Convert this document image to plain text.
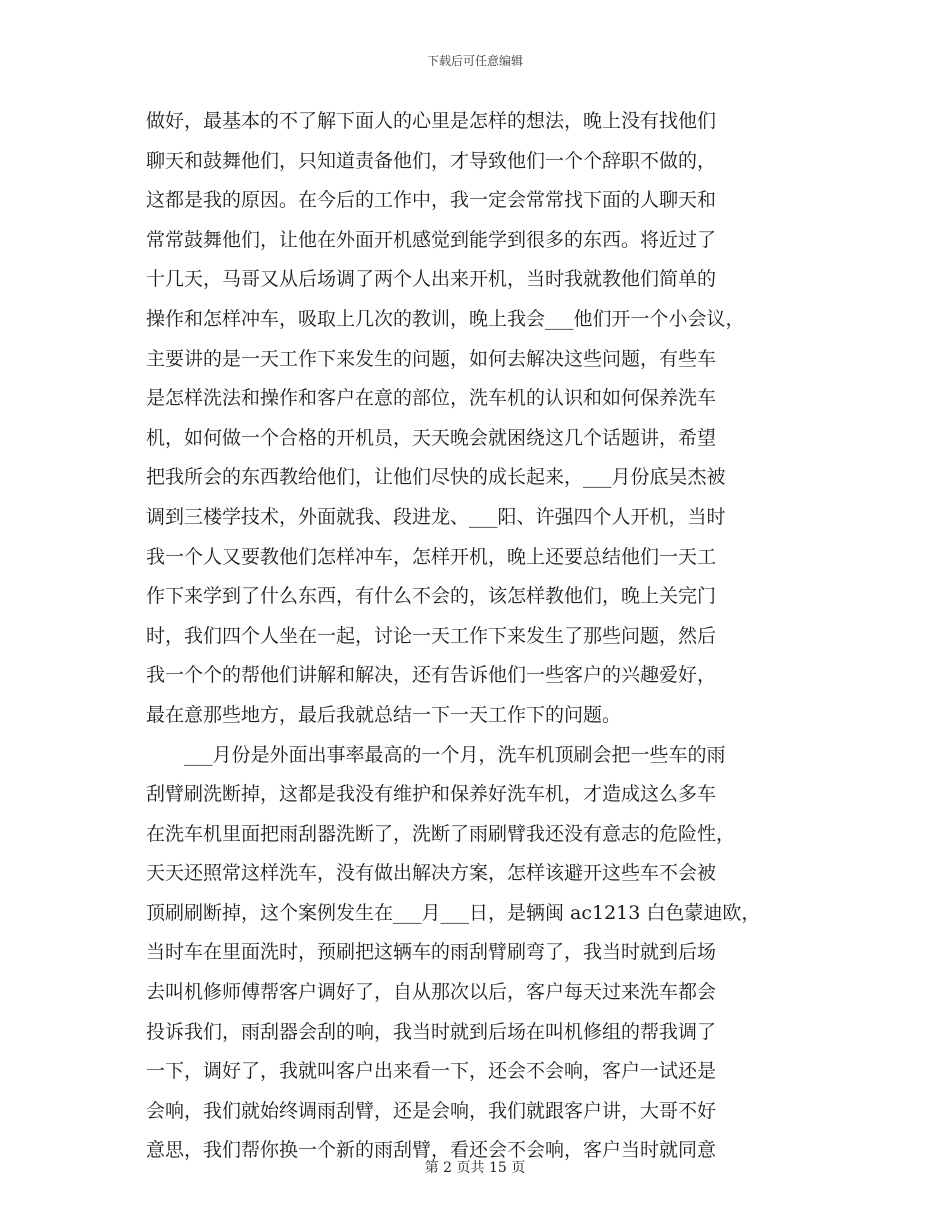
下载后可任意编辑
做好，最基本的不了解下面人的心里是怎样的想法，晚上没有找他们
聊天和鼓舞他们，只知道责备他们，才导致他们一个个辞职不做的，
这都是我的原因。在今后的工作中，我一定会常常找下面的人聊天和
常常鼓舞他们，让他在外面开机感觉到能学到很多的东西。将近过了
十几天，马哥又从后场调了两个人出来开机，当时我就教他们简单的
操作和怎样冲车，吸取上几次的教训，晚上我会___他们开一个小会议，
主要讲的是一天工作下来发生的问题，如何去解决这些问题，有些车
是怎样洗法和操作和客户在意的部位，洗车机的认识和如何保养洗车
机，如何做一个合格的开机员，天天晚会就困绕这几个话题讲，希望
把我所会的东西教给他们，让他们尽快的成长起来，___月份底吴杰被
调到三楼学技术，外面就我、段进龙、___阳、许强四个人开机，当时
我一个人又要教他们怎样冲车，怎样开机，晚上还要总结他们一天工
作下来学到了什么东西，有什么不会的，该怎样教他们，晚上关完门
时，我们四个人坐在一起，讨论一天工作下来发生了那些问题，然后
我一个个的帮他们讲解和解决，还有告诉他们一些客户的兴趣爱好，
最在意那些地方，最后我就总结一下一天工作下的问题。
　　___月份是外面出事率最高的一个月，洗车机顶刷会把一些车的雨
刮臂刷洗断掉，这都是我没有维护和保养好洗车机，才造成这么多车
在洗车机里面把雨刮器洗断了，洗断了雨刷臂我还没有意志的危险性，
天天还照常这样洗车，没有做出解决方案，怎样该避开这些车不会被
顶刷刷断掉，这个案例发生在___月___日，是辆闽 ac1213 白色蒙迪欧，
当时车在里面洗时，预刷把这辆车的雨刮臂刷弯了，我当时就到后场
去叫机修师傅帮客户调好了，自从那次以后，客户每天过来洗车都会
投诉我们，雨刮器会刮的响，我当时就到后场在叫机修组的帮我调了
一下，调好了，我就叫客户出来看一下，还会不会响，客户一试还是
会响，我们就始终调雨刮臂，还是会响，我们就跟客户讲，大哥不好
意思，我们帮你换一个新的雨刮臂，看还会不会响，客户当时就同意
第 2 页共 15 页
